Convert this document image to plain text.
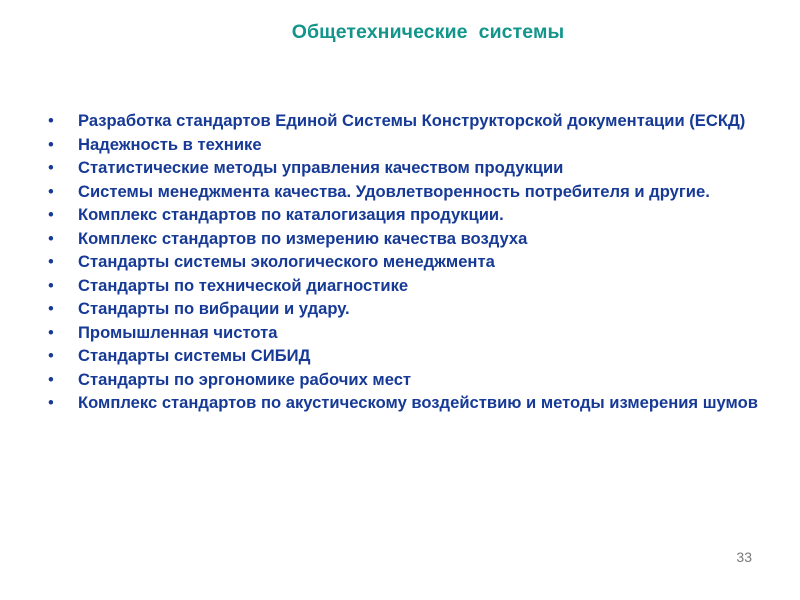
Общетехнические  системы
• Разработка стандартов Единой Системы Конструкторской документации (ЕСКД)
• Надежность в технике
• Статистические методы управления качеством продукции
• Системы менеджмента качества. Удовлетворенность потребителя и другие.
• Комплекс стандартов по каталогизация продукции.
• Комплекс стандартов по измерению качества воздуха
• Стандарты системы экологического менеджмента
• Стандарты по технической диагностике
• Стандарты по вибрации и удару.
• Промышленная чистота
• Стандарты системы СИБИД
• Стандарты по эргономике рабочих мест
• Комплекс стандартов по акустическому воздействию и методы измерения шумов
33
